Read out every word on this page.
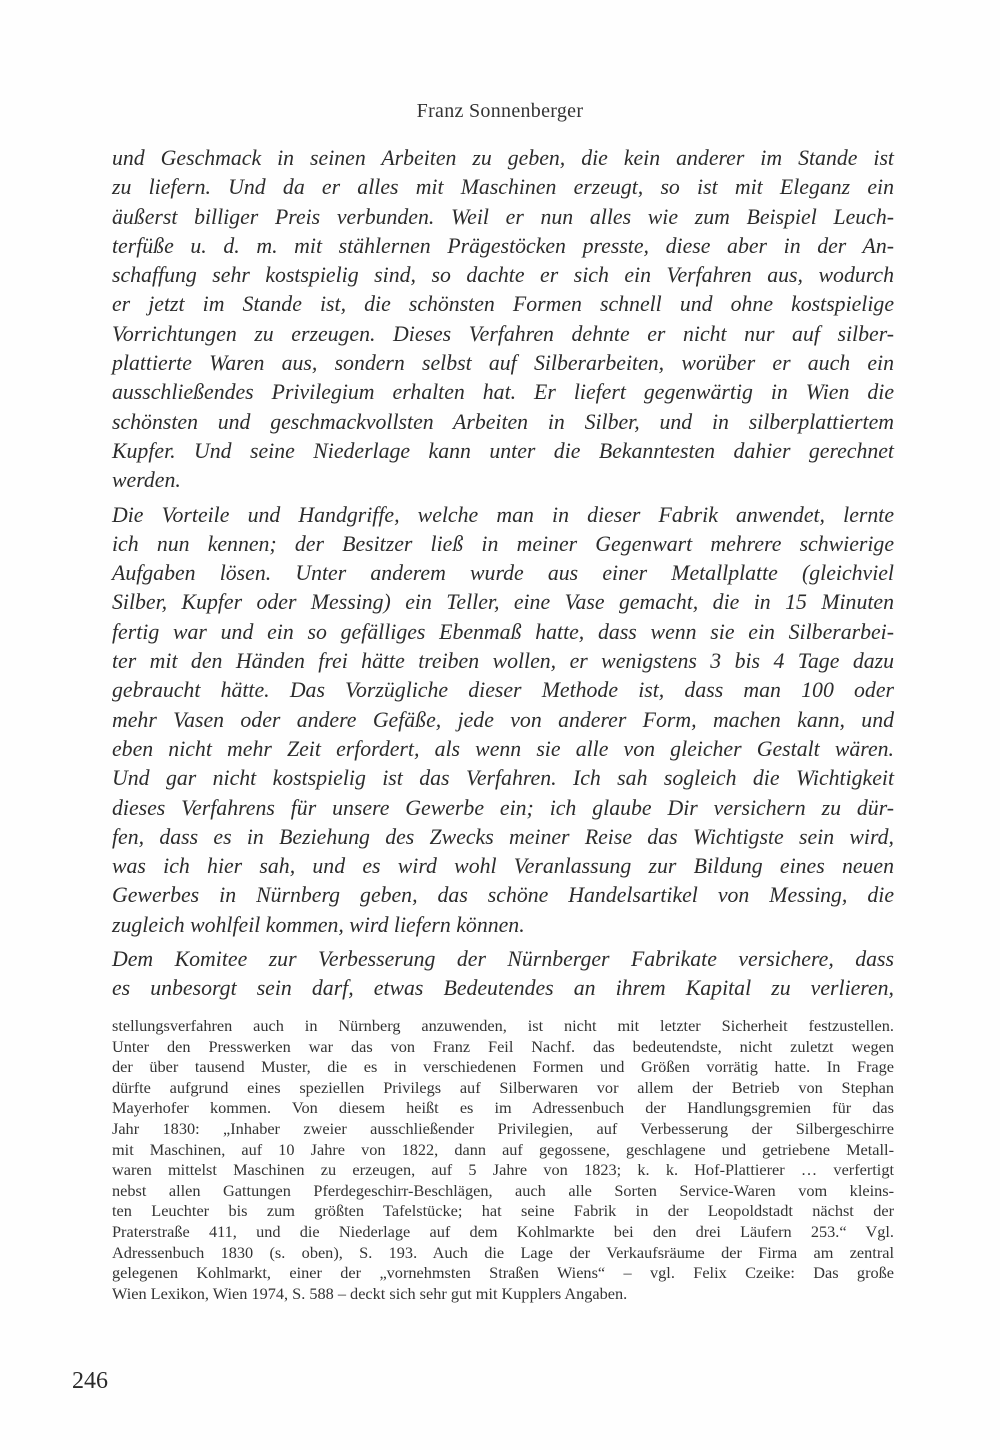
Franz Sonnenberger

und Geschmack in seinen Arbeiten zu geben, die kein anderer im Stande ist
zu liefern. Und da er alles mit Maschinen erzeugt, so ist mit Eleganz ein
äußerst billiger Preis verbunden. Weil er nun alles wie zum Beispiel Leuch-
terfüße u. d. m. mit stählernen Prägestöcken presste, diese aber in der An-
schaffung sehr kostspielig sind, so dachte er sich ein Verfahren aus, wodurch
er jetzt im Stande ist, die schönsten Formen schnell und ohne kostspielige
Vorrichtungen zu erzeugen. Dieses Verfahren dehnte er nicht nur auf silber-
plattierte Waren aus, sondern selbst auf Silberarbeiten, worüber er auch ein
ausschließendes Privilegium erhalten hat. Er liefert gegenwärtig in Wien die
schönsten und geschmackvollsten Arbeiten in Silber, und in silberplattiertem
Kupfer. Und seine Niederlage kann unter die Bekanntesten dahier gerechnet
werden.

Die Vorteile und Handgriffe, welche man in dieser Fabrik anwendet, lernte
ich nun kennen; der Besitzer ließ in meiner Gegenwart mehrere schwierige
Aufgaben lösen. Unter anderem wurde aus einer Metallplatte (gleichviel
Silber, Kupfer oder Messing) ein Teller, eine Vase gemacht, die in 15 Minuten
fertig war und ein so gefälliges Ebenmaß hatte, dass wenn sie ein Silberarbei-
ter mit den Händen frei hätte treiben wollen, er wenigstens 3 bis 4 Tage dazu
gebraucht hätte. Das Vorzügliche dieser Methode ist, dass man 100 oder
mehr Vasen oder andere Gefäße, jede von anderer Form, machen kann, und
eben nicht mehr Zeit erfordert, als wenn sie alle von gleicher Gestalt wären.
Und gar nicht kostspielig ist das Verfahren. Ich sah sogleich die Wichtigkeit
dieses Verfahrens für unsere Gewerbe ein; ich glaube Dir versichern zu dür-
fen, dass es in Beziehung des Zwecks meiner Reise das Wichtigste sein wird,
was ich hier sah, und es wird wohl Veranlassung zur Bildung eines neuen
Gewerbes in Nürnberg geben, das schöne Handelsartikel von Messing, die
zugleich wohlfeil kommen, wird liefern können.

Dem Komitee zur Verbesserung der Nürnberger Fabrikate versichere, dass
es unbesorgt sein darf, etwas Bedeutendes an ihrem Kapital zu verlieren,

stellungsverfahren auch in Nürnberg anzuwenden, ist nicht mit letzter Sicherheit festzustellen.
Unter den Presswerken war das von Franz Feil Nachf. das bedeutendste, nicht zuletzt wegen
der über tausend Muster, die es in verschiedenen Formen und Größen vorrätig hatte. In Frage
dürfte aufgrund eines speziellen Privilegs auf Silberwaren vor allem der Betrieb von Stephan
Mayerhofer kommen. Von diesem heißt es im Adressenbuch der Handlungsgremien für das
Jahr 1830: „Inhaber zweier ausschließender Privilegien, auf Verbesserung der Silbergeschirre
mit Maschinen, auf 10 Jahre von 1822, dann auf gegossene, geschlagene und getriebene Metall-
waren mittelst Maschinen zu erzeugen, auf 5 Jahre von 1823; k. k. Hof-Plattierer … verfertigt
nebst allen Gattungen Pferdegeschirr-Beschlägen, auch alle Sorten Service-Waren vom kleins-
ten Leuchter bis zum größten Tafelstücke; hat seine Fabrik in der Leopoldstadt nächst der
Praterstraße 411, und die Niederlage auf dem Kohlmarkte bei den drei Läufern 253.“ Vgl.
Adressenbuch 1830 (s. oben), S. 193. Auch die Lage der Verkaufsräume der Firma am zentral
gelegenen Kohlmarkt, einer der „vornehmsten Straßen Wiens“ – vgl. Felix Czeike: Das große
Wien Lexikon, Wien 1974, S. 588 – deckt sich sehr gut mit Kupplers Angaben.
246
